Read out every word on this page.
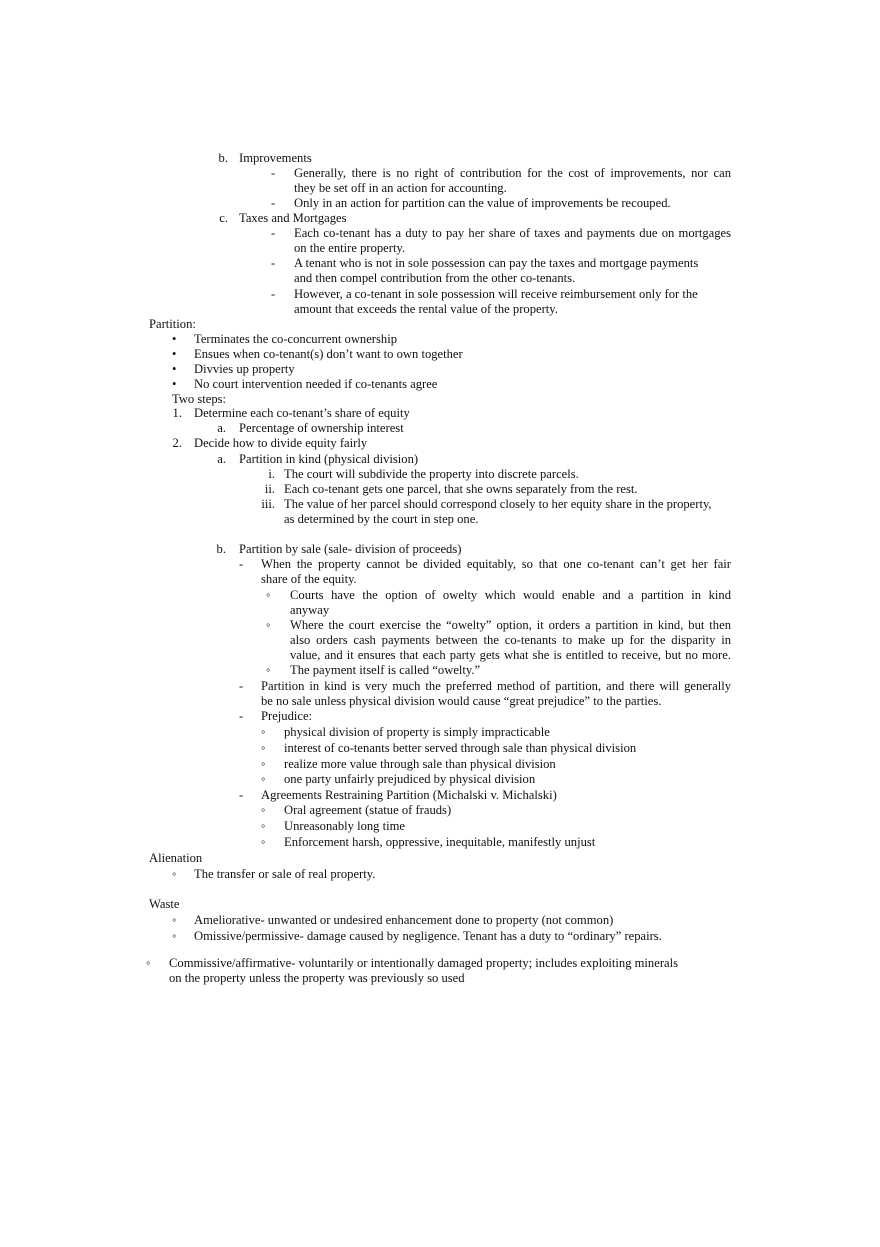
b. Improvements
- Generally, there is no right of contribution for the cost of improvements, nor can
they be set off in an action for accounting.
- Only in an action for partition can the value of improvements be recouped.
c. Taxes and Mortgages
- Each co-tenant has a duty to pay her share of taxes and payments due on mortgages
on the entire property.
- A tenant who is not in sole possession can pay the taxes and mortgage payments
and then compel contribution from the other co-tenants.
- However, a co-tenant in sole possession will receive reimbursement only for the
amount that exceeds the rental value of the property.
Partition:
• Terminates the co-concurrent ownership
• Ensues when co-tenant(s) don’t want to own together
• Divvies up property
• No court intervention needed if co-tenants agree
Two steps:
1. Determine each co-tenant’s share of equity
a. Percentage of ownership interest
2. Decide how to divide equity fairly
a. Partition in kind (physical division)
i. The court will subdivide the property into discrete parcels.
ii. Each co-tenant gets one parcel, that she owns separately from the rest.
iii. The value of her parcel should correspond closely to her equity share in the property,
as determined by the court in step one.
b. Partition by sale (sale- division of proceeds)
- When the property cannot be divided equitably, so that one co-tenant can’t get her fair
share of the equity.
◦ Courts have the option of owelty which would enable and a partition in kind
anyway
◦ Where the court exercise the “owelty” option, it orders a partition in kind, but then
also orders cash payments between the co-tenants to make up for the disparity in
value, and it ensures that each party gets what she is entitled to receive, but no more.
◦ The payment itself is called “owelty.”
- Partition in kind is very much the preferred method of partition, and there will generally
be no sale unless physical division would cause “great prejudice” to the parties.
- Prejudice:
◦ physical division of property is simply impracticable
◦ interest of co-tenants better served through sale than physical division
◦ realize more value through sale than physical division
◦ one party unfairly prejudiced by physical division
- Agreements Restraining Partition (Michalski v. Michalski)
◦ Oral agreement (statue of frauds)
◦ Unreasonably long time
◦ Enforcement harsh, oppressive, inequitable, manifestly unjust
Alienation
◦ The transfer or sale of real property.
Waste
◦ Ameliorative- unwanted or undesired enhancement done to property (not common)
◦ Omissive/permissive- damage caused by negligence. Tenant has a duty to “ordinary” repairs.
◦ Commissive/affirmative- voluntarily or intentionally damaged property; includes exploiting minerals
on the property unless the property was previously so used
